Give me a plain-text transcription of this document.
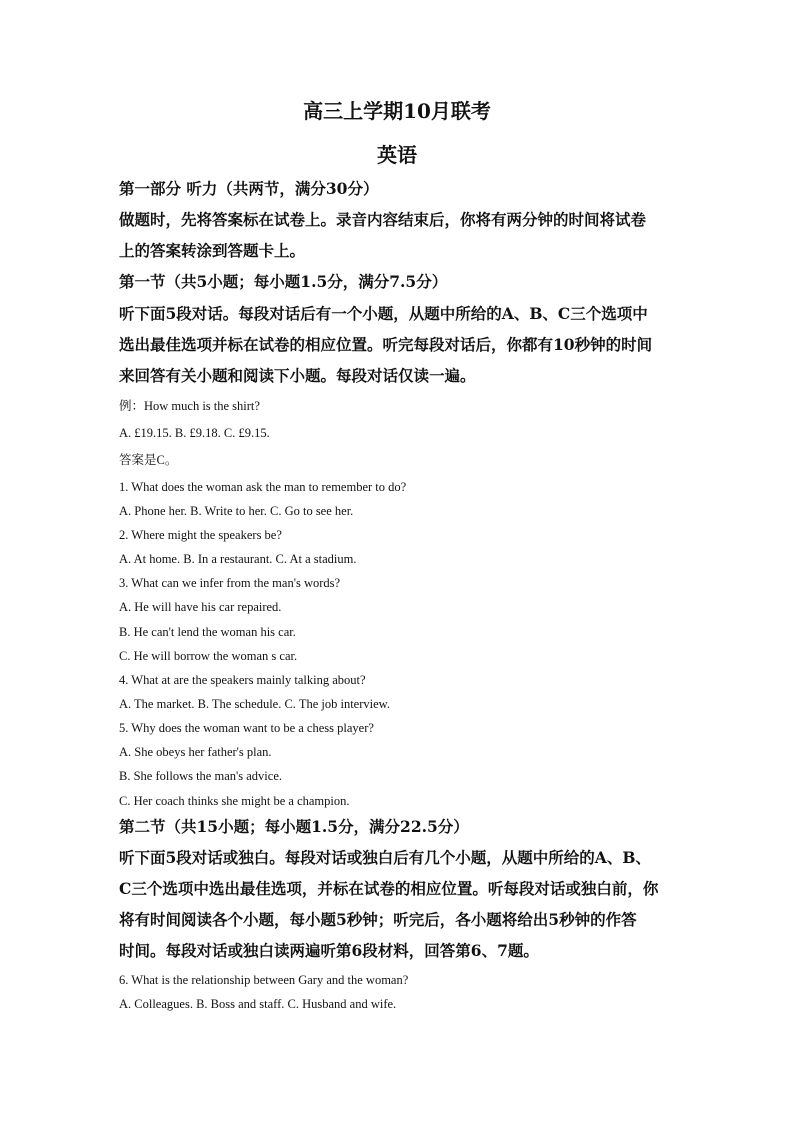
高三上学期10月联考
英语
第一部分 听力（共两节，满分30分）
做题时，先将答案标在试卷上。录音内容结束后，你将有两分钟的时间将试卷
上的答案转涂到答题卡上。
第一节（共5小题；每小题1.5分，满分7.5分）
听下面5段对话。每段对话后有一个小题，从题中所给的A、B、C三个选项中
选出最佳选项并标在试卷的相应位置。听完每段对话后，你都有10秒钟的时间
来回答有关小题和阅读下小题。每段对话仅读一遍。
例：How much is the shirt?
A. £19.15. B. £9.18. C. £9.15.
答案是C。
1. What does the woman ask the man to remember to do?
A. Phone her. B. Write to her. C. Go to see her.
2. Where might the speakers be?
A. At home. B. In a restaurant. C. At a stadium.
3. What can we infer from the man's words?
A. He will have his car repaired.
B. He can't lend the woman his car.
C. He will borrow the woman s car.
4. What at are the speakers mainly talking about?
A. The market. B. The schedule. C. The job interview.
5. Why does the woman want to be a chess player?
A. She obeys her father's plan.
B. She follows the man's advice.
C. Her coach thinks she might be a champion.
第二节（共15小题；每小题1.5分，满分22.5分）
听下面5段对话或独白。每段对话或独白后有几个小题，从题中所给的A、B、
C三个选项中选出最佳选项，并标在试卷的相应位置。听每段对话或独白前，你
将有时间阅读各个小题，每小题5秒钟；听完后，各小题将给出5秒钟的作答
时间。每段对话或独白读两遍听第6段材料，回答第6、7题。
6. What is the relationship between Gary and the woman?
A. Colleagues. B. Boss and staff. C. Husband and wife.
